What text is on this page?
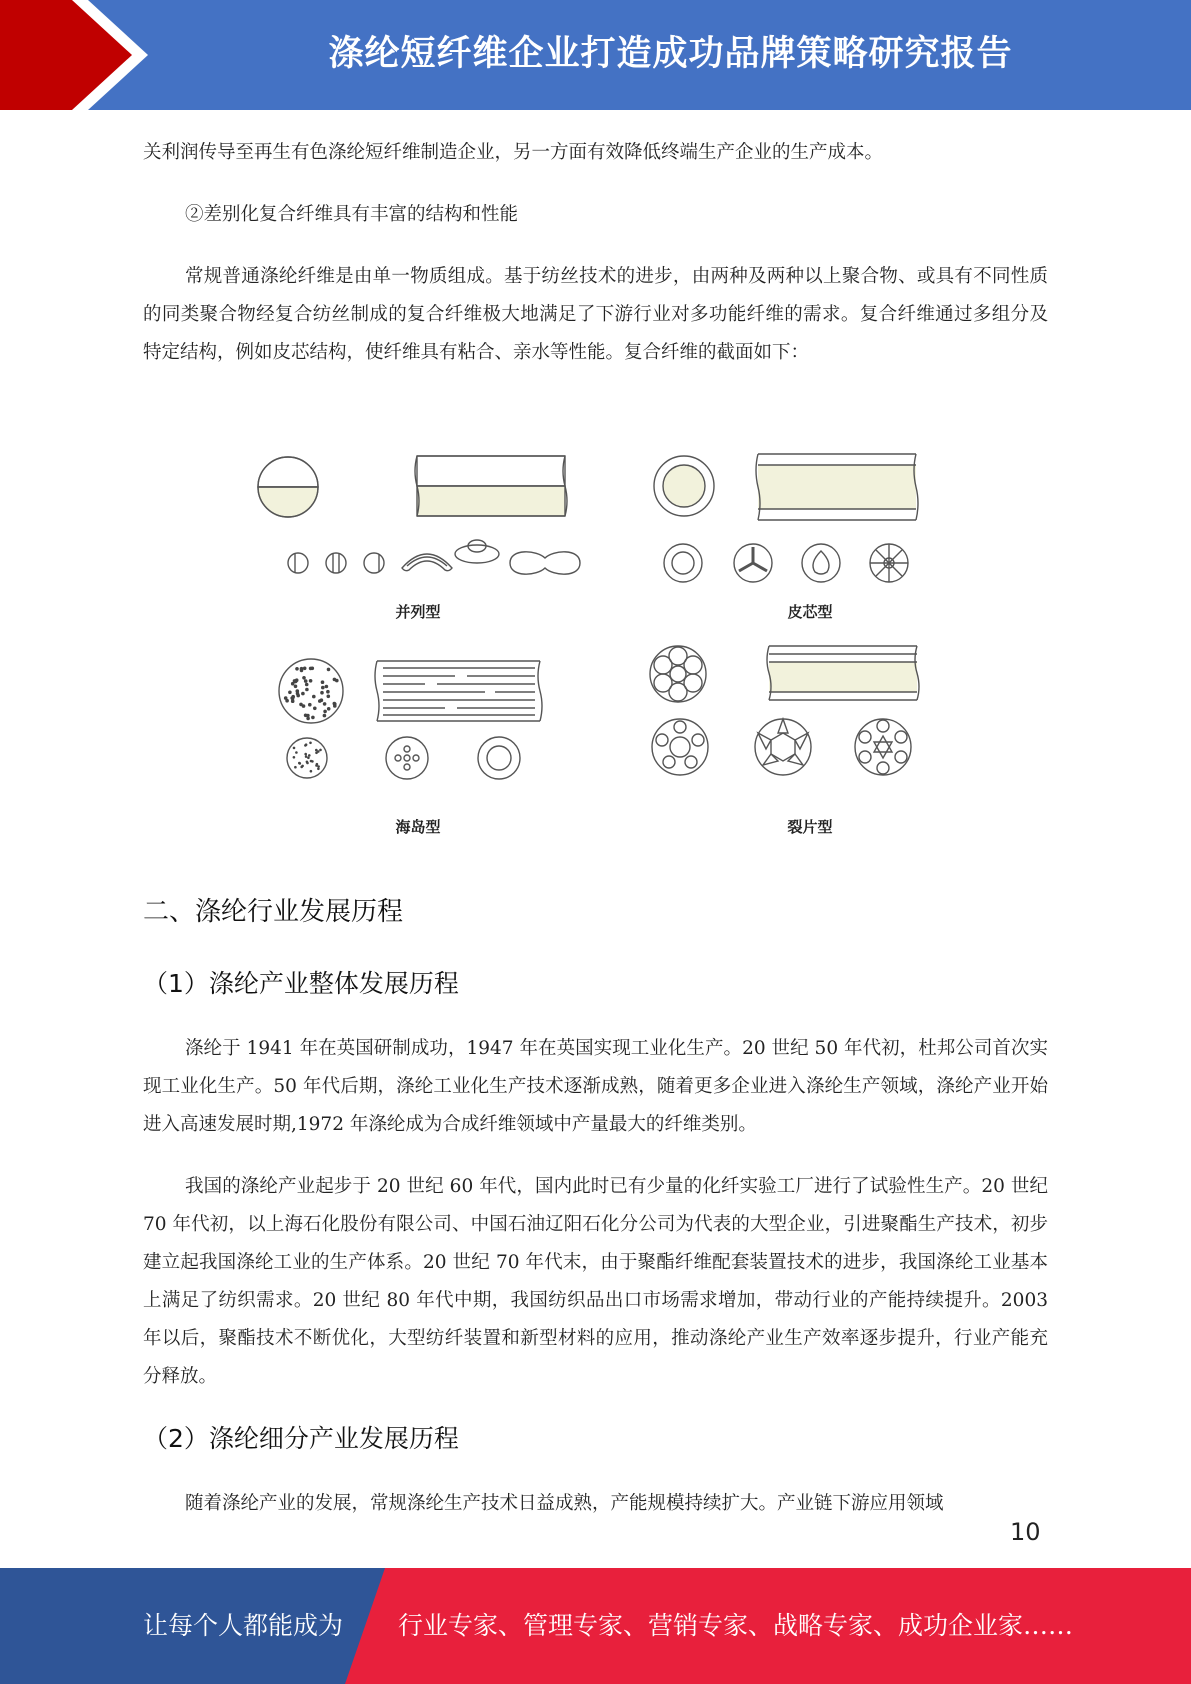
涤纶短纤维企业打造成功品牌策略研究报告
关利润传导至再生有色涤纶短纤维制造企业，另一方面有效降低终端生产企业的生产成本。
②差别化复合纤维具有丰富的结构和性能
常规普通涤纶纤维是由单一物质组成。基于纺丝技术的进步，由两种及两种以上聚合物、或具有不同性质的同类聚合物经复合纺丝制成的复合纤维极大地满足了下游行业对多功能纤维的需求。复合纤维通过多组分及特定结构，例如皮芯结构，使纤维具有粘合、亲水等性能。复合纤维的截面如下：
并列型	皮芯型
海岛型	裂片型
二、涤纶行业发展历程
（1）涤纶产业整体发展历程
涤纶于 1941 年在英国研制成功，1947 年在英国实现工业化生产。20 世纪 50 年代初，杜邦公司首次实现工业化生产。50 年代后期，涤纶工业化生产技术逐渐成熟，随着更多企业进入涤纶生产领域，涤纶产业开始进入高速发展时期,1972 年涤纶成为合成纤维领域中产量最大的纤维类别。
我国的涤纶产业起步于 20 世纪 60 年代，国内此时已有少量的化纤实验工厂进行了试验性生产。20 世纪 70 年代初，以上海石化股份有限公司、中国石油辽阳石化分公司为代表的大型企业，引进聚酯生产技术，初步建立起我国涤纶工业的生产体系。20 世纪 70 年代末，由于聚酯纤维配套装置技术的进步，我国涤纶工业基本上满足了纺织需求。20 世纪 80 年代中期，我国纺织品出口市场需求增加，带动行业的产能持续提升。2003 年以后，聚酯技术不断优化，大型纺纤装置和新型材料的应用，推动涤纶产业生产效率逐步提升，行业产能充分释放。
（2）涤纶细分产业发展历程
随着涤纶产业的发展，常规涤纶生产技术日益成熟，产能规模持续扩大。产业链下游应用领域
10
让每个人都能成为 行业专家、管理专家、营销专家、战略专家、成功企业家……
